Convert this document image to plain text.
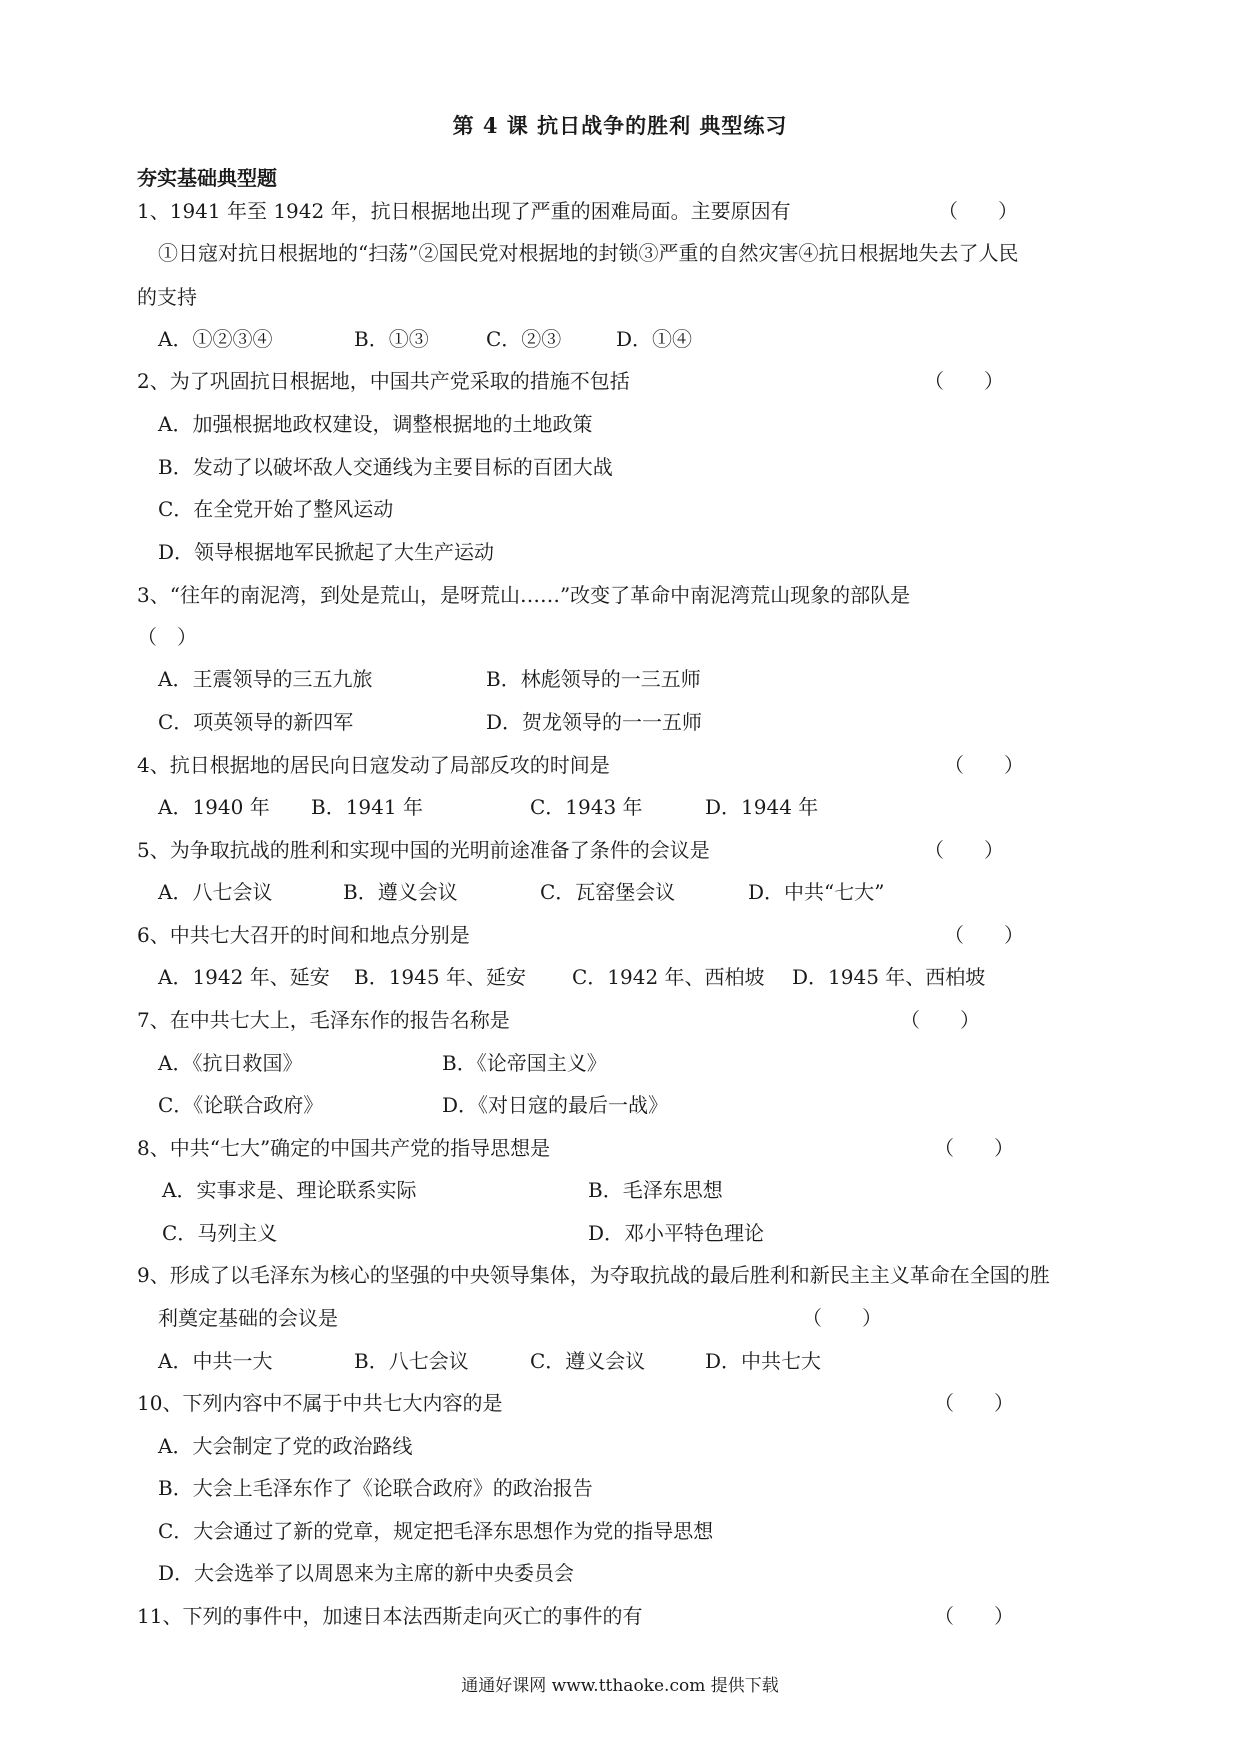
第 4 课 抗日战争的胜利 典型练习
夯实基础典型题
1、1941 年至 1942 年，抗日根据地出现了严重的困难局面。主要原因有	（　　）
①日寇对抗日根据地的“扫荡”②国民党对根据地的封锁③严重的自然灾害④抗日根据地失去了人民
的支持
A．①②③④	B．①③	C．②③	D．①④
2、为了巩固抗日根据地，中国共产党采取的措施不包括	（　　）
A．加强根据地政权建设，调整根据地的土地政策
B．发动了以破坏敌人交通线为主要目标的百团大战
C．在全党开始了整风运动
D．领导根据地军民掀起了大生产运动
3、“往年的南泥湾，到处是荒山，是呀荒山……”改变了革命中南泥湾荒山现象的部队是
（　）
A．王震领导的三五九旅	B．林彪领导的一三五师
C．项英领导的新四军	D．贺龙领导的一一五师
4、抗日根据地的居民向日寇发动了局部反攻的时间是	（　　）
A．1940 年 B．1941 年	C．1943 年	D．1944 年
5、为争取抗战的胜利和实现中国的光明前途准备了条件的会议是	（　　）
A．八七会议	B．遵义会议	C．瓦窑堡会议	D．中共“七大”
6、中共七大召开的时间和地点分别是	（　　）
A．1942 年、延安 B．1945 年、延安 C．1942 年、西柏坡 D．1945 年、西柏坡
7、在中共七大上，毛泽东作的报告名称是	（　　）
A．《抗日救国》	B．《论帝国主义》
C．《论联合政府》	D．《对日寇的最后一战》
8、中共“七大”确定的中国共产党的指导思想是	（　　）
A．实事求是、理论联系实际	B．毛泽东思想
C．马列主义	D．邓小平特色理论
9、形成了以毛泽东为核心的坚强的中央领导集体，为夺取抗战的最后胜利和新民主主义革命在全国的胜
利奠定基础的会议是	（　　）
A．中共一大	B．八七会议	C．遵义会议	D．中共七大
10、下列内容中不属于中共七大内容的是	（　　）
A．大会制定了党的政治路线
B．大会上毛泽东作了《论联合政府》的政治报告
C．大会通过了新的党章，规定把毛泽东思想作为党的指导思想
D．大会选举了以周恩来为主席的新中央委员会
11、下列的事件中，加速日本法西斯走向灭亡的事件的有	（　　）
通通好课网 www.tthaoke.com 提供下载
